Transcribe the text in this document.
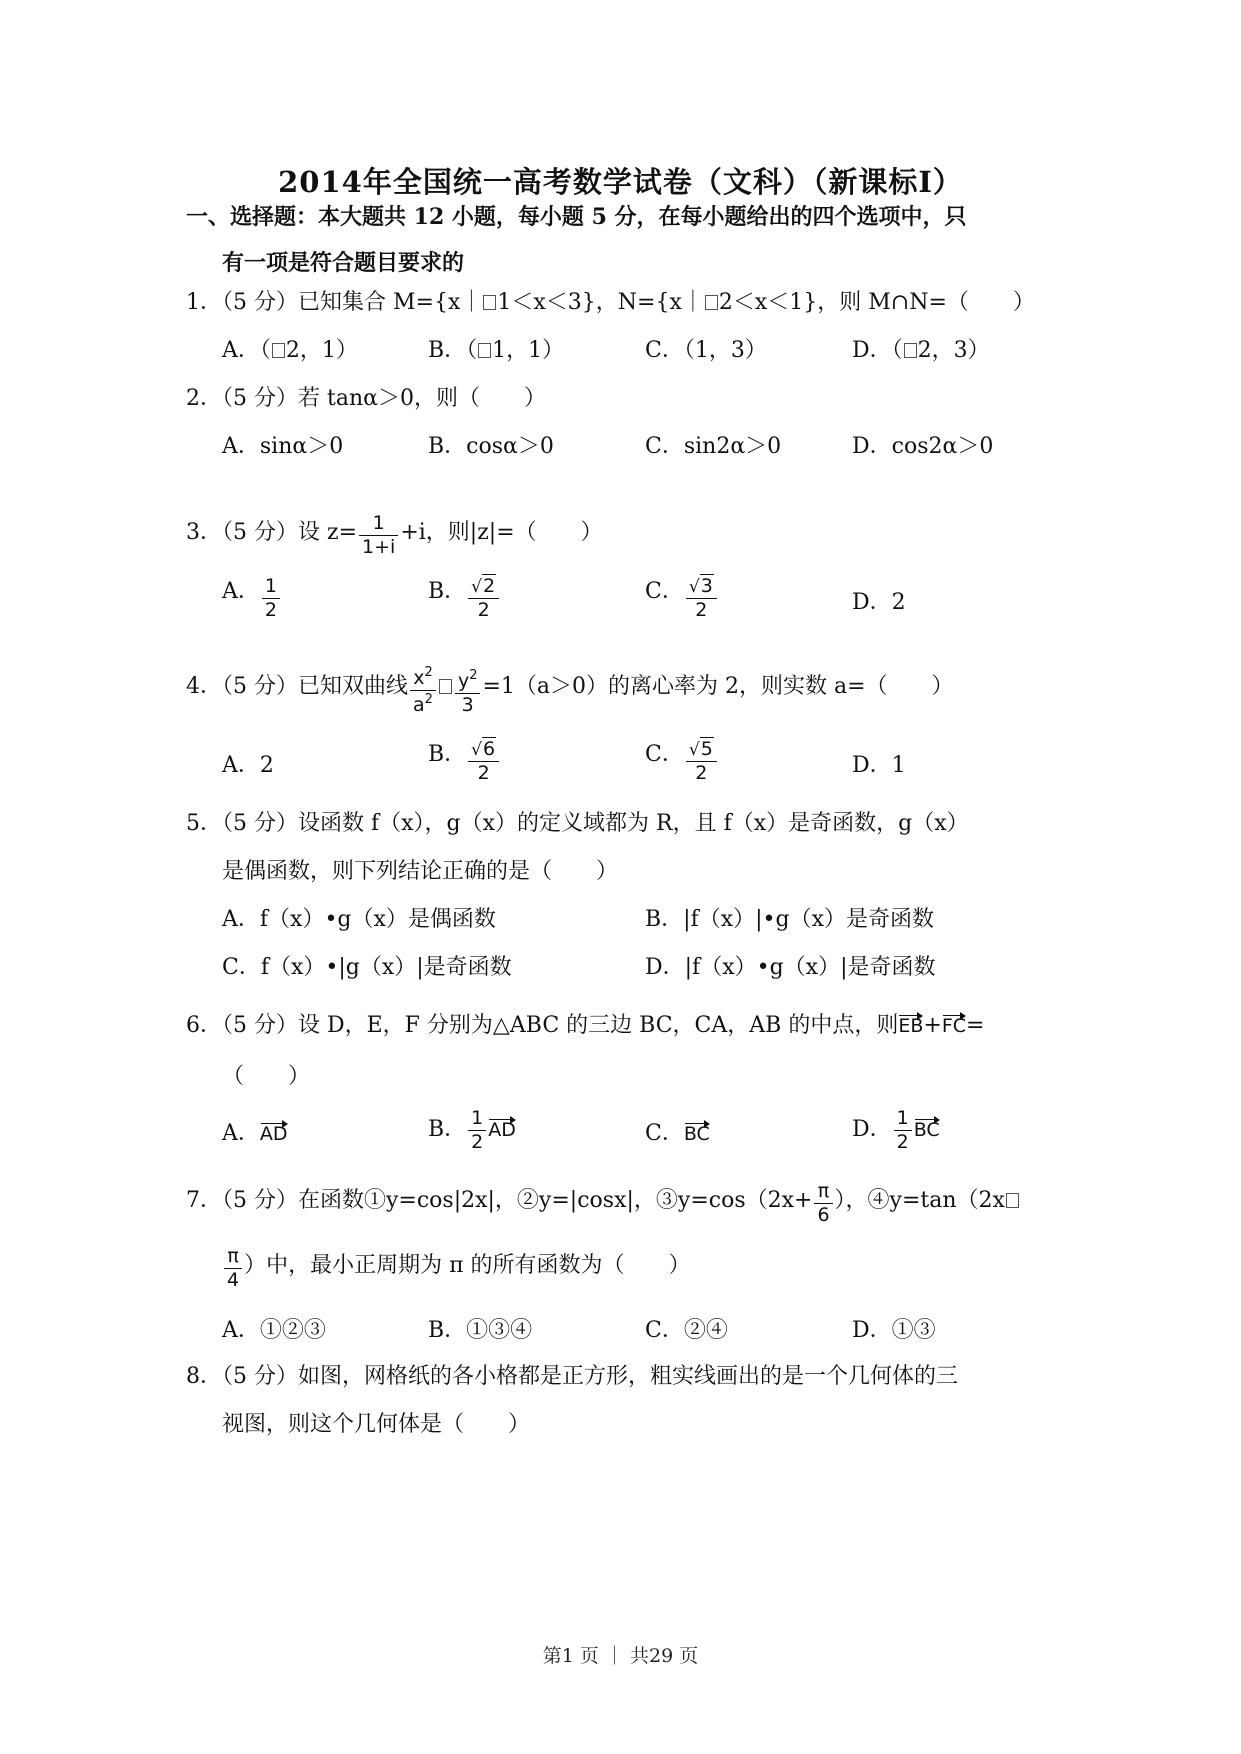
2014年全国统一高考数学试卷（文科）（新课标I）
一、选择题：本大题共 12 小题，每小题 5 分，在每小题给出的四个选项中，只
有一项是符合题目要求的
1．（5 分）已知集合 M={x｜ 1＜x＜3}，N={x｜ 2＜x＜1}，则 M∩N=（　　）
A．（ 2，1）	B．（ 1，1）	C．（1，3）	D．（ 2，3）
2．（5 分）若 tanα＞0，则（　　）
A．sinα＞0	B．cosα＞0	C．sin2α＞0	D．cos2α＞0
3．（5 分）设 $z= \frac{1}{1+i} +i$，则|z|=（　　）
A． $\frac{1}{2}$	B． $\frac{√2}{2}$	C． $\frac{√3}{2}$	D．2
4．（5 分）已知双曲线 $\frac{x^2}{a^2} \frac{y^2}{3} =1(a>0)$的离心率为 2，则实数 a=（　　）
A．2	B． $\frac{√6}{2}$	C． $\frac{√5}{2}$	D．1
5．（5 分）设函数 f（x），g（x）的定义域都为 R，且 f（x）是奇函数，g（x）
是偶函数，则下列结论正确的是（　　）
A．f（x）•g（x）是偶函数	B．|f（x）|•g（x）是奇函数
C．f（x）•|g（x）|是奇函数	D．|f（x）•g（x）|是奇函数
6．（5 分）设 D，E，F 分别为△ABC 的三边 BC，CA，AB 的中点，则EB+FC=
（　　）
A．AD	B． $\frac{1}{2}$ AD	C．BC	D． $\frac{1}{2}$ BC
7．（5 分）在函数①y=cos|2x|，②y=|cosx|，③y=cos（2x+ $\frac{\pi}{6}$ ），④y=tan（2x
$\frac{\pi}{4}$ ）中，最小正周期为 π 的所有函数为（　　）
A．①②③	B．①③④	C．②④	D．①③
8．（5 分）如图，网格纸的各小格都是正方形，粗实线画出的是一个几何体的三
视图，则这个几何体是（　　）
第1 页 ｜ 共29 页
